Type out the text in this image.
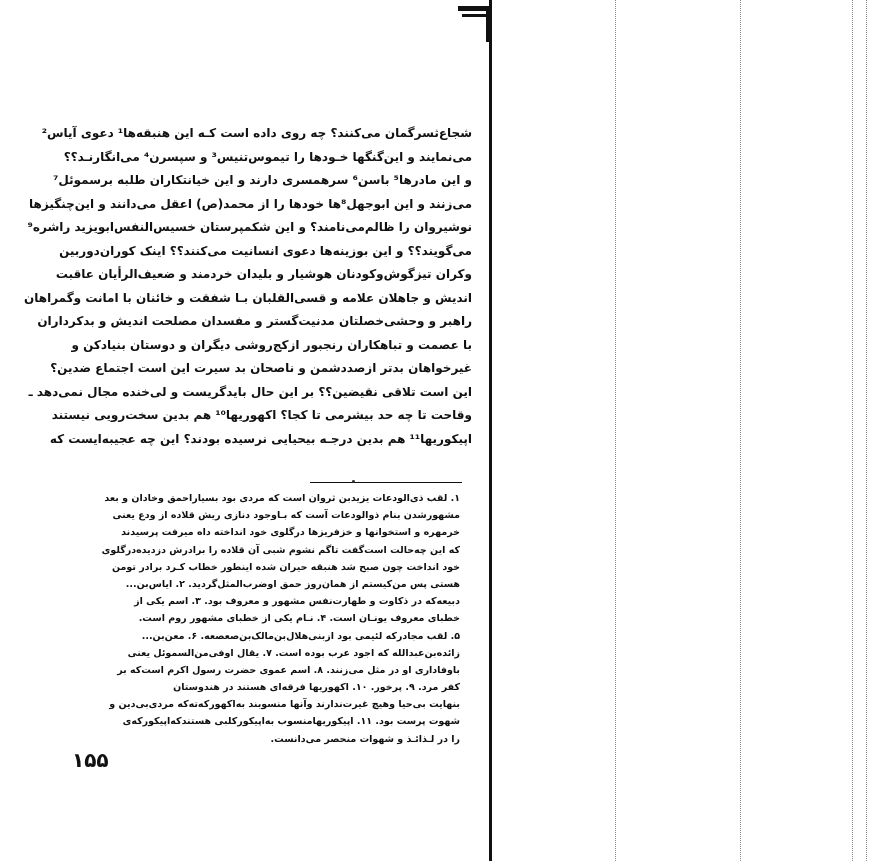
شجاع‌ثسرگمان می‌کنند؟ چه روی داده است کـه این هنبقه‌ها¹ دعوی آیاس²
می‌نمایند و این‌گنگها خـودها را تیموس‌تنیس³ و سپسرن⁴ می‌انگارنـد؟؟
و این مادرها⁵ باسن⁶ سرهمسری دارند و این خیانتکاران طلبه برسموئل⁷
می‌زنند و این ابوجهل⁸ها خودها را از محمد(ص) اعقل می‌دانند و این‌چنگیزها
نوشیروان را ظالم‌می‌نامند؟ و این شکمپرستان خسیس‌النفس‌ابویزید راشره⁹
می‌گویند؟؟ و این بوزینه‌ها دعوی انسانیت می‌کنند؟؟ اینک کوران‌دوربین
وکران تیزگوش‌وکودنان هوشیار و بلیدان خردمند و ضعیف‌الرأیان عاقبت
اندیش و جاهلان علامه و قسی‌القلبان بـا شفقت و خائنان با امانت وگمراهان
راهبر و وحشی‌خصلتان مدنیت‌گستر و مفسدان مصلحت اندیش و بدکرداران
با عصمت و تباهکاران رنجبور ازکج‌روشی دیگران و دوستان بنیادکن و
غیرخواهان بدتر ازصددشمن و ناصحان بد سیرت این است اجتماع ضدین؟
این است تلاقی نقیضین؟؟ بر این حال بایدگریست و لی‌خنده مجال نمی‌دهد ـ
وقاحت تا چه حد بیشرمی تا کجا؟ اکهوریها¹⁰ هم بدین سخت‌رویی نیستند
اپیکوریها¹¹ هم بدین درجـه بیحیایی نرسیده بودند؟ این چه عجیبه‌ایست که
۱. لقب ذی‌الودعات یزیدبن ثروان است که مردی بود بسیاراحمق وخادان و بعد
مشهورشدن بنام ذوالودعات آست که بـاوجود دنازی ریش قلاده از ودع یعنی
خرمهره و استخوانها و خزفریزها درگلوی خود انداخته داه میرفت پرسیدند
که این چه‌حالت است‌گفت تاگم نشوم شبی آن قلاده را برادرش دزدیده‌درگلوی
خود انداخت چون صبح شد هنبقه حیران شده اینطور خطاب کـرد برادر تومن
هستی پس من‌کیستم از همان‌روز حمق اوضرب‌المثل‌گردید. ۲. ایاس‌بن‌...
دبیعه‌که در ذکاوت و طهارت‌نفس مشهور و معروف بود. ۳. اسم یکی از
خطبای معروف یونـان است. ۴. نـام یکی از خطبای مشهور روم است.
۵. لقب مجادرکه لئیمی بود ازبنی‌هلال‌بن‌مالک‌بن‌صعصعه. ۶. معن‌بن‌...
زائده‌بن‌عبدالله که اجود عرب بوده است. ۷. یقال اوفی‌من‌السموئل یعنی
باوفاداری او در مثل می‌زنند. ۸. اسم عموی حضرت رسول اکرم است‌که بر
کفر مرد. ۹. پرخور. ۱۰. اکهوریها فرقه‌ای هستند در هندوستان
بنهایت بی‌حیا وهیچ غیرت‌ندارند وآنها منسوبند به‌اکهورکه‌ته‌که مردی‌بی‌دین و
شهوت پرست بود. ۱۱. اپیکوریهامنسوب به‌اپیکورکلبی هستندکه‌اپیکورکه‌ی
را در لـذائـذ و شهوات منحصر می‌دانست.
۱۵۵
